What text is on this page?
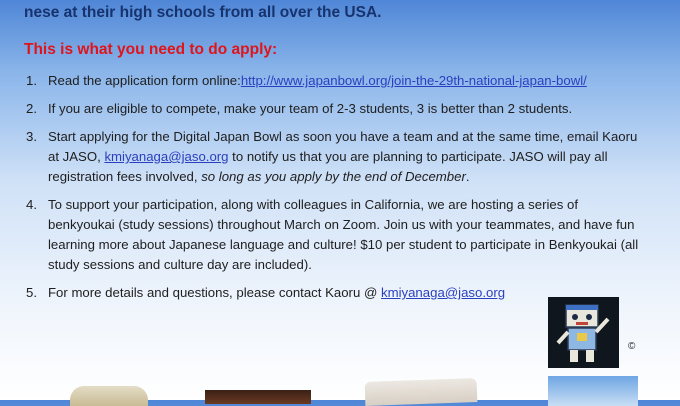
nese at their high schools from all over the USA.
This is what you need to do apply:
1. Read the application form online:http://www.japanbowl.org/join-the-29th-national-japan-bowl/
2. If you are eligible to compete, make your team of 2-3 students, 3 is better than 2 students.
3. Start applying for the Digital Japan Bowl as soon you have a team and at the same time, email Kaoru at JASO, kmiyanaga@jaso.org to notify us that you are planning to participate. JASO will pay all registration fees involved, so long as you apply by the end of December.
4. To support your participation, along with colleagues in California, we are hosting a series of benkyoukai (study sessions) throughout March on Zoom. Join us with your teammates, and have fun learning more about Japanese language and culture! $10 per student to participate in Benkyoukai (all study sessions and culture day are included).
5. For more details and questions, please contact Kaoru @ kmiyanaga@jaso.org
©
